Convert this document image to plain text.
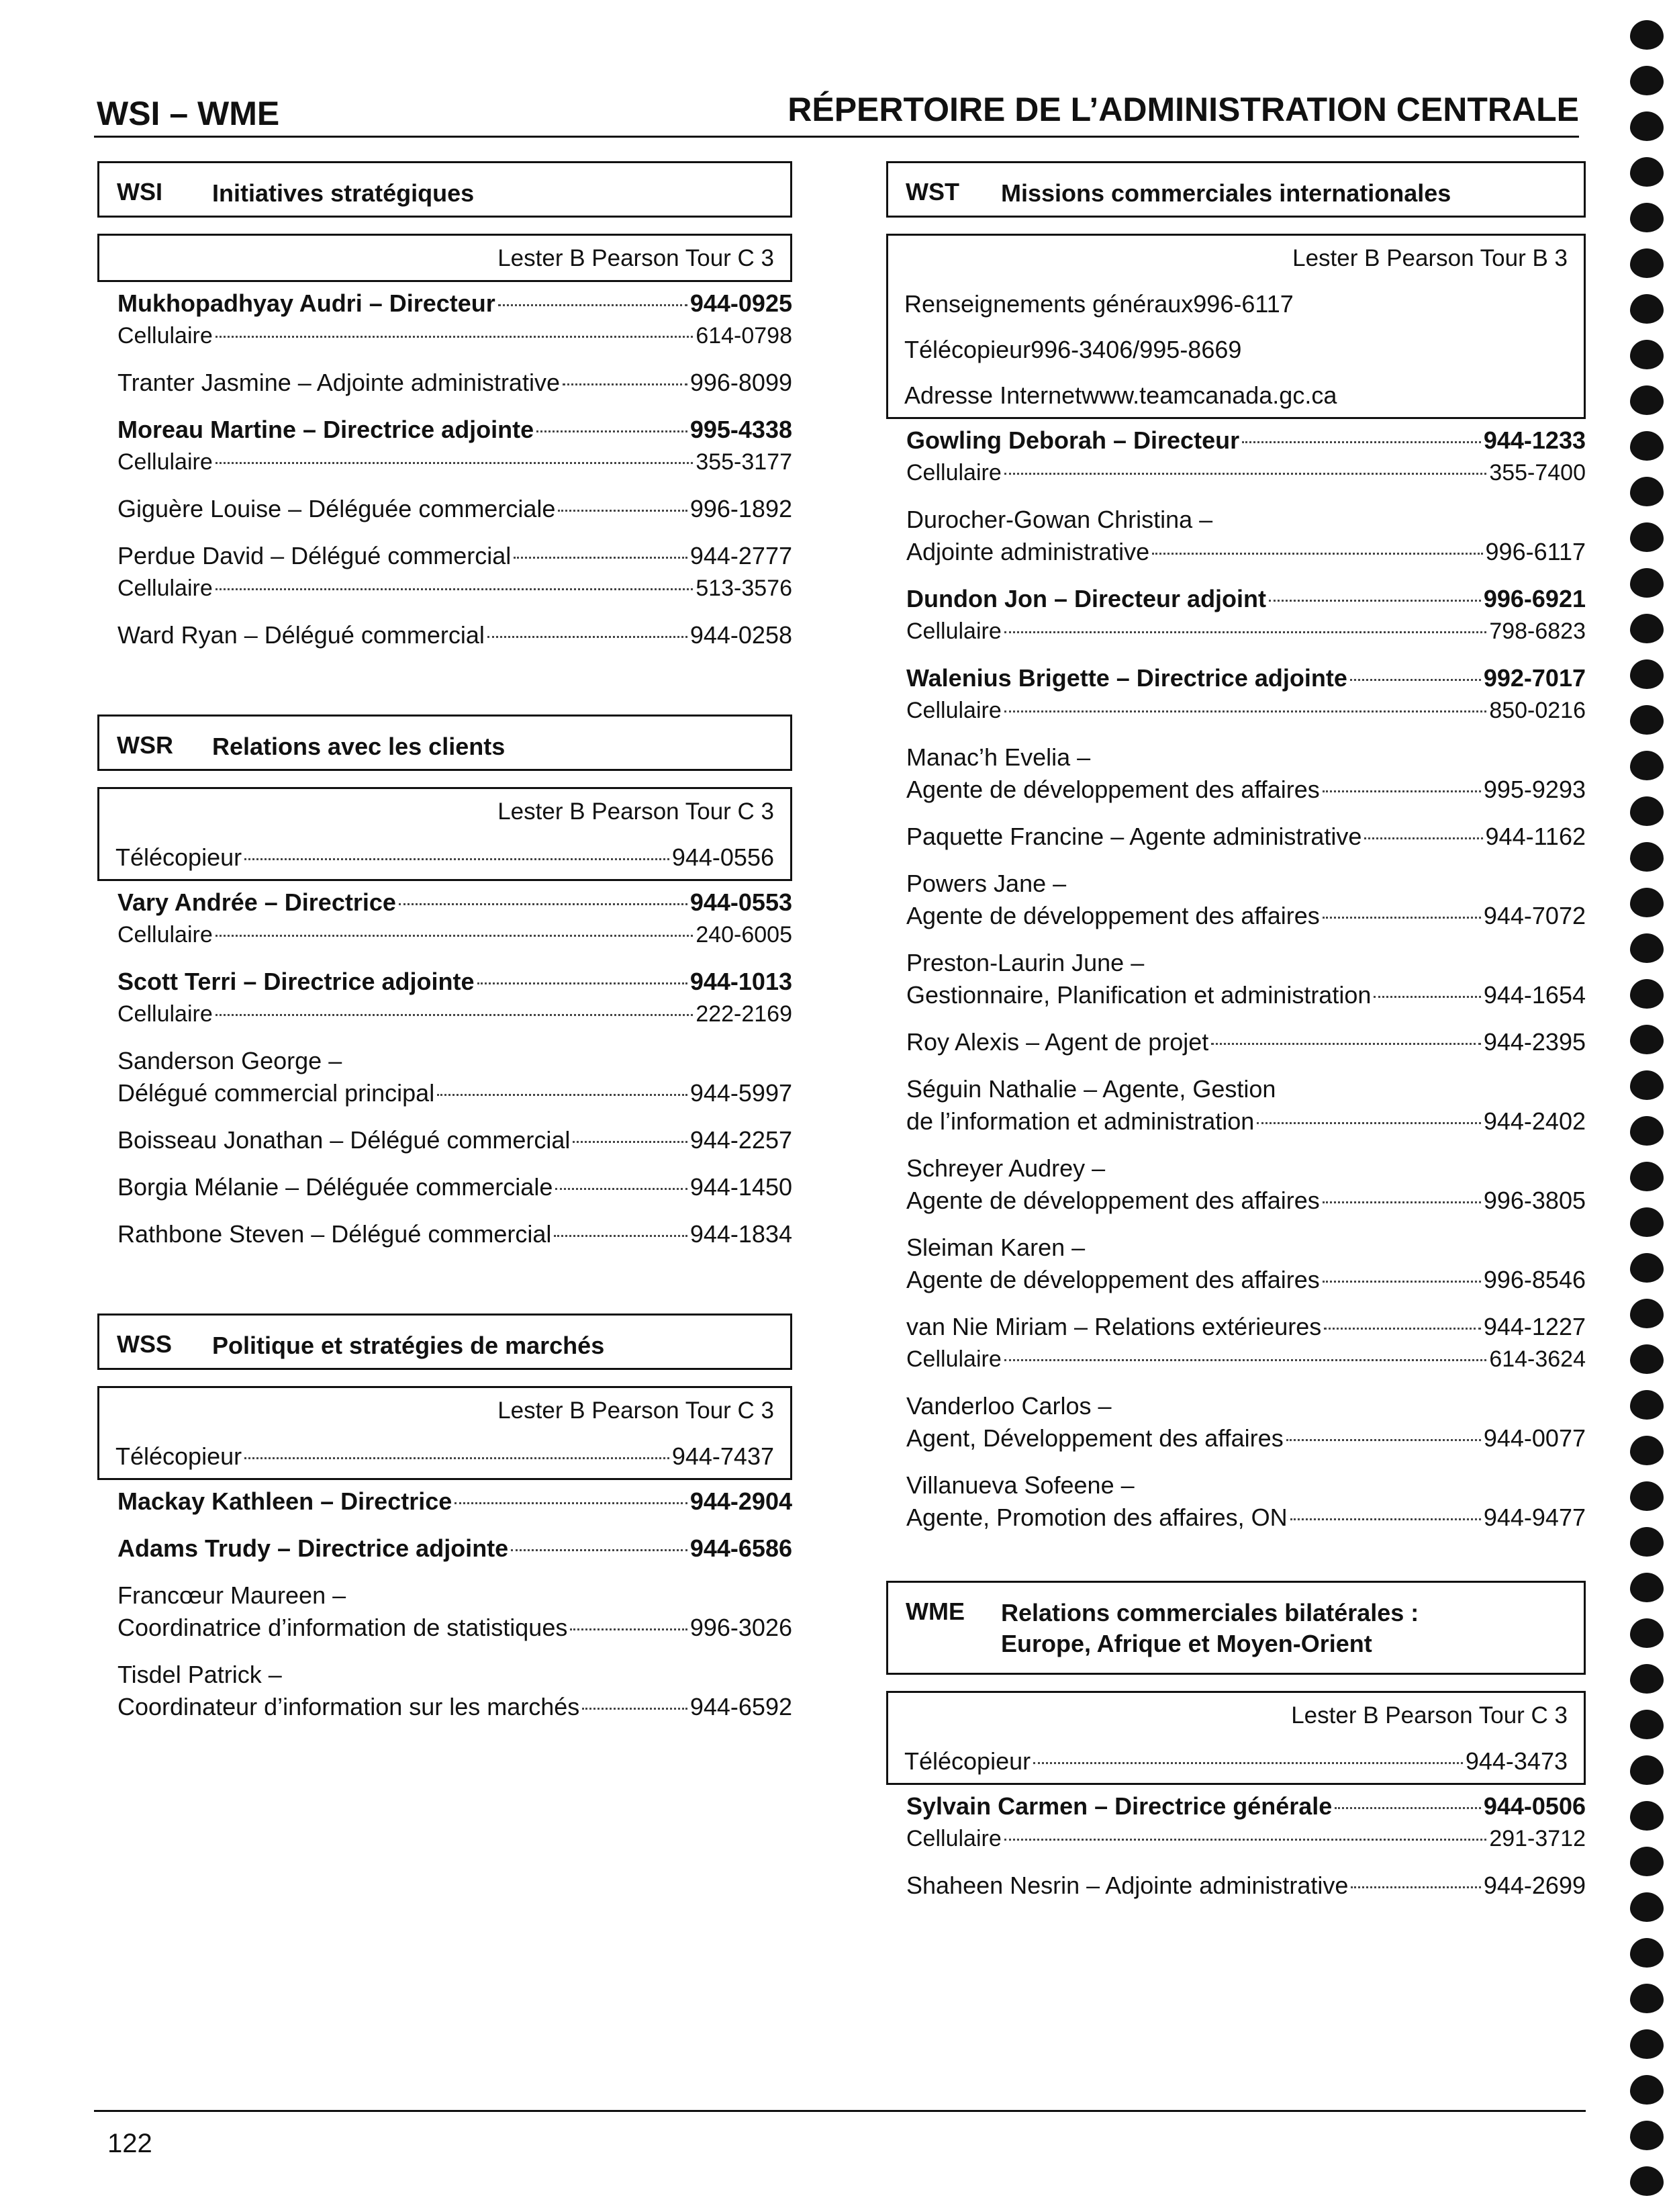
WSI – WME	RÉPERTOIRE DE L’ADMINISTRATION CENTRALE
WSI Initiatives stratégiques
Lester B Pearson Tour C 3
Mukhopadhyay Audri – Directeur	944-0925
Cellulaire	614-0798
Tranter Jasmine – Adjointe administrative	996-8099
Moreau Martine – Directrice adjointe	995-4338
Cellulaire	355-3177
Giguère Louise – Déléguée commerciale	996-1892
Perdue David – Délégué commercial	944-2777
Cellulaire	513-3576
Ward Ryan – Délégué commercial	944-0258
WSR Relations avec les clients
Lester B Pearson Tour C 3
Télécopieur	944-0556
Vary Andrée – Directrice	944-0553
Cellulaire	240-6005
Scott Terri – Directrice adjointe	944-1013
Cellulaire	222-2169
Sanderson George –
Délégué commercial principal	944-5997
Boisseau Jonathan – Délégué commercial	944-2257
Borgia Mélanie – Déléguée commerciale	944-1450
Rathbone Steven – Délégué commercial	944-1834
WSS Politique et stratégies de marchés
Lester B Pearson Tour C 3
Télécopieur	944-7437
Mackay Kathleen – Directrice	944-2904
Adams Trudy – Directrice adjointe	944-6586
Francœur Maureen –
Coordinatrice d’information de statistiques	996-3026
Tisdel Patrick –
Coordinateur d’information sur les marchés	944-6592
WST Missions commerciales internationales
Lester B Pearson Tour B 3
Renseignements généraux 996-6117
Télécopieur 996-3406/995-8669
Adresse Internet www.teamcanada.gc.ca
Gowling Deborah – Directeur	944-1233
Cellulaire	355-7400
Durocher-Gowan Christina –
Adjointe administrative	996-6117
Dundon Jon – Directeur adjoint	996-6921
Cellulaire	798-6823
Walenius Brigette – Directrice adjointe	992-7017
Cellulaire	850-0216
Manac’h Evelia –
Agente de développement des affaires	995-9293
Paquette Francine – Agente administrative	944-1162
Powers Jane –
Agente de développement des affaires	944-7072
Preston-Laurin June –
Gestionnaire, Planification et administration	944-1654
Roy Alexis – Agent de projet	944-2395
Séguin Nathalie – Agente, Gestion
de l’information et administration	944-2402
Schreyer Audrey –
Agente de développement des affaires	996-3805
Sleiman Karen –
Agente de développement des affaires	996-8546
van Nie Miriam – Relations extérieures	944-1227
Cellulaire	614-3624
Vanderloo Carlos –
Agent, Développement des affaires	944-0077
Villanueva Sofeene –
Agente, Promotion des affaires, ON	944-9477
WME Relations commerciales bilatérales :
Europe, Afrique et Moyen-Orient
Lester B Pearson Tour C 3
Télécopieur	944-3473
Sylvain Carmen – Directrice générale	944-0506
Cellulaire	291-3712
Shaheen Nesrin – Adjointe administrative	944-2699
122
